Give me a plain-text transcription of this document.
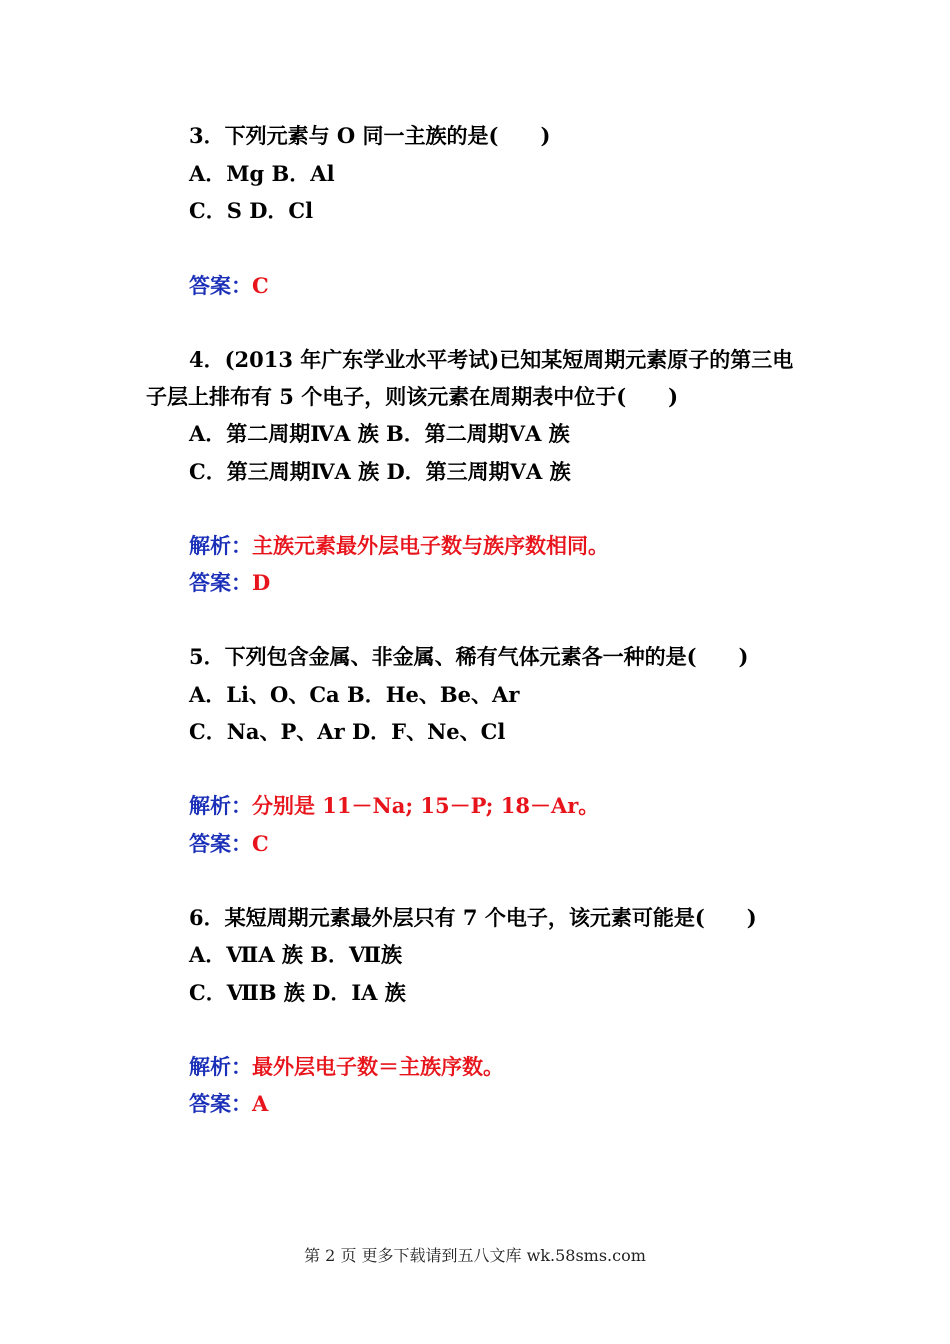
3．下列元素与 O 同一主族的是(　　)
A．Mg B．Al
C．S D．Cl
答案：C
4．(2013 年广东学业水平考试)已知某短周期元素原子的第三电
子层上排布有 5 个电子，则该元素在周期表中位于(　　)
A．第二周期ⅣA 族 B．第二周期ⅤA 族
C．第三周期ⅣA 族 D．第三周期ⅤA 族
解析：主族元素最外层电子数与族序数相同。
答案：D
5．下列包含金属、非金属、稀有气体元素各一种的是(　　)
A．Li、O、Ca B．He、Be、Ar
C．Na、P、Ar D．F、Ne、Cl
解析：分别是 11－Na; 15－P; 18－Ar。
答案：C
6．某短周期元素最外层只有 7 个电子，该元素可能是(　　)
A．ⅦA 族 B．Ⅶ族
C．ⅦB 族 D．ⅠA 族
解析：最外层电子数＝主族序数。
答案：A
第 2 页 更多下载请到五八文库 wk.58sms.com
